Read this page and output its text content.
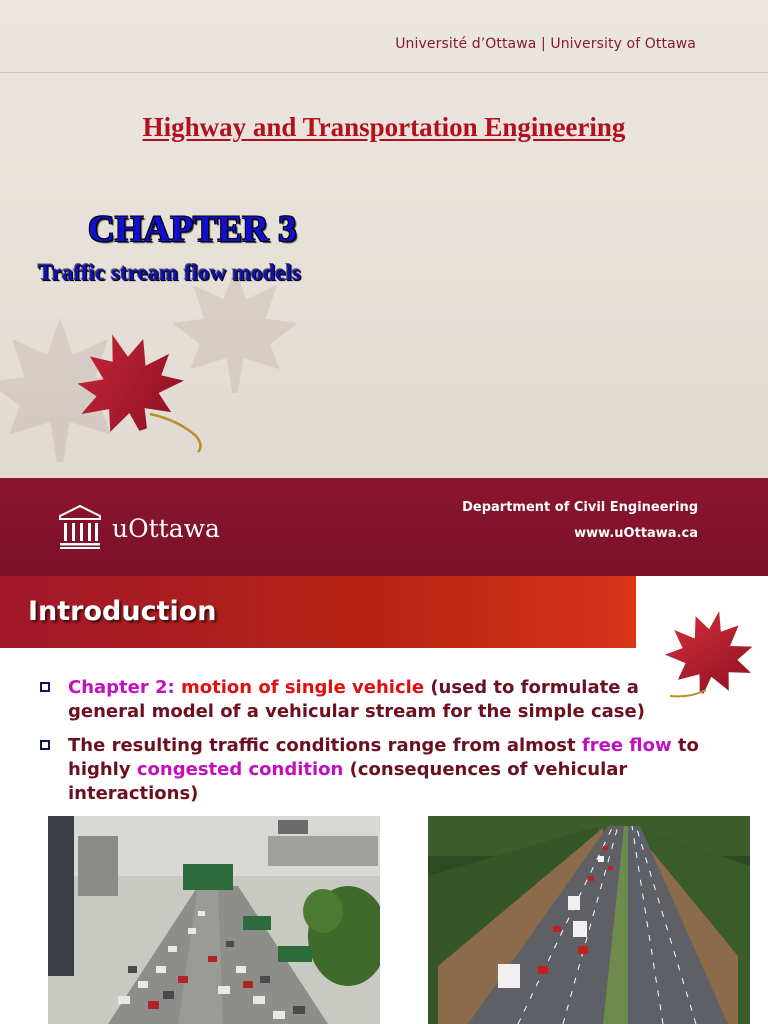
Université d’Ottawa | University of Ottawa
Highway and Transportation Engineering
CHAPTER 3
Traffic stream flow models
uOttawa
Department of Civil Engineering
www.uOttawa.ca
Introduction
Chapter 2: motion of single vehicle (used to formulate a
general model of a vehicular stream for the simple case)
The resulting traffic conditions range from almost free flow to
highly congested condition (consequences of vehicular
interactions)
